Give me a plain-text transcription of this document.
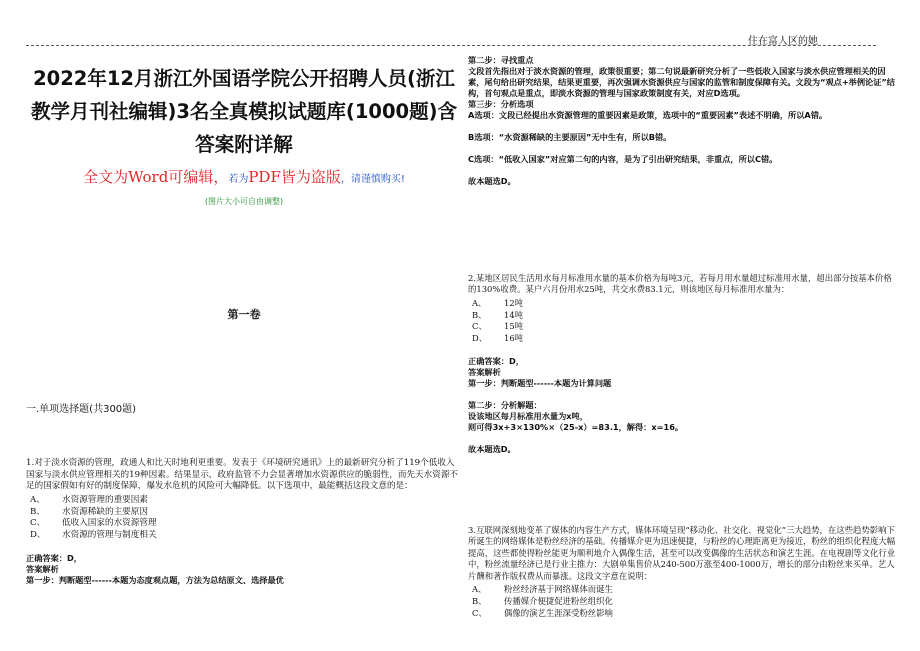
住在富人区的她
2022年12月浙江外国语学院公开招聘人员(浙江教学月刊社编辑)3名全真模拟试题库(1000题)含答案附详解
全文为Word可编辑，若为PDF皆为盗版，请谨慎购买!
(图片大小可自由调整)
第一卷
一.单项选择题(共300题)
1.对于淡水资源的管理，政通人和比天时地利更重要。发表于《环境研究通讯》上的最新研究分析了119个低收入国家与淡水供应管理相关的19种因素。结果显示，政府监管不力会显著增加水资源供应的脆弱性，而先天水资源不足的国家假如有好的制度保障，爆发水危机的风险可大幅降低。以下选项中，最能概括这段文意的是：
A、 水资源管理的重要因素
B、 水资源稀缺的主要原因
C、 低收入国家的水资源管理
D、 水资源的管理与制度相关
正确答案：D，
答案解析
第一步：判断题型------本题为态度观点题，方法为总结原文、选择最优

第二步：寻找重点

文段首先指出对于淡水资源的管理，政策很重要；第二句说最新研究分析了一些低收入国家与淡水供应管理相关的因素，尾句给出研究结果，结果更重要，再次强调水资源供应与国家的监管和制度保障有关。文段为“观点+举例论证”结构，首句观点是重点，即淡水资源的管理与国家政策制度有关，对应D选项。

第三步：分析选项

A选项：文段已经提出水资源管理的重要因素是政策，选项中的“重要因素”表述不明确，所以A错。

B选项：“水资源稀缺的主要原因”无中生有，所以B错。

C选项：“低收入国家”对应第二句的内容，是为了引出研究结果，非重点，所以C错。

故本题选D。

2.某地区居民生活用水每月标准用水量的基本价格为每吨3元，若每月用水量超过标准用水量，超出部分按基本价格的130%收费。某户六月份用水25吨，共交水费83.1元，则该地区每月标准用水量为：

A、 12吨
B、 14吨
C、 15吨
D、 16吨

正确答案：D，

答案解析

第一步：判断题型------本题为计算问题

第二步：分析解题：

设该地区每月标准用水量为x吨，

则可得3x+3×130%×（25-x）=83.1，解得：x=16。

故本题选D。

3.互联网深刻地变革了媒体的内容生产方式，媒体环境呈现“移动化、社交化、视觉化”三大趋势，在这些趋势影响下所诞生的网络媒体是粉丝经济的基础。传播媒介更为迅速便捷，与粉丝的心理距离更为接近，粉丝的组织化程度大幅提高，这些都使得粉丝能更为顺利地介入偶像生活，甚至可以改变偶像的生活状态和演艺生涯。在电视剧等文化行业中，粉丝流量经济已是行业主推力：大剧单集售价从240-500万涨至400-1000万，增长的部分由粉丝来买单。艺人片酬和著作版权费从而暴涨。这段文字意在说明：

A、 粉丝经济基于网络媒体而诞生
B、 传播媒介便捷促进粉丝组织化
C、 偶像的演艺生涯深受粉丝影响
